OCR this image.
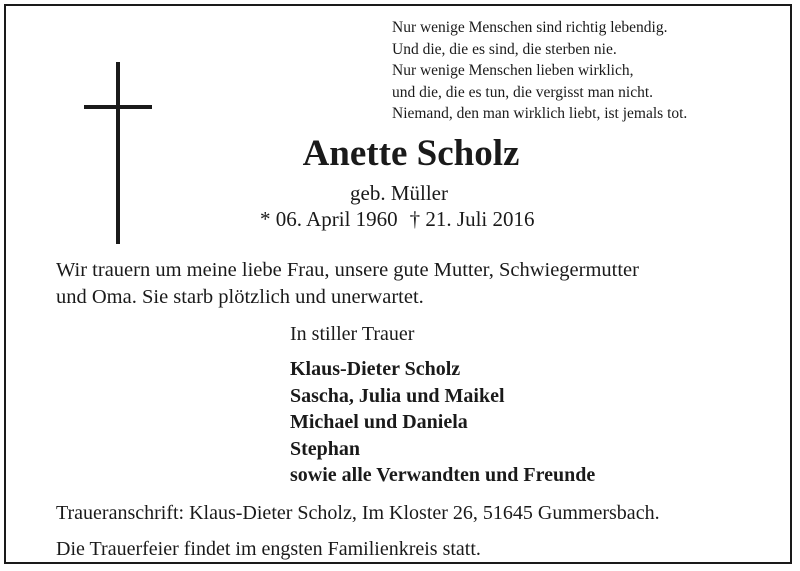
Nur wenige Menschen sind richtig lebendig.
Und die, die es sind, die sterben nie.
Nur wenige Menschen lieben wirklich,
und die, die es tun, die vergisst man nicht.
Niemand, den man wirklich liebt, ist jemals tot.
Anette Scholz
geb. Müller
* 06. April 1960 † 21. Juli 2016
Wir trauern um meine liebe Frau, unsere gute Mutter, Schwiegermutter
und Oma. Sie starb plötzlich und unerwartet.
In stiller Trauer
Klaus-Dieter Scholz
Sascha, Julia und Maikel
Michael und Daniela
Stephan
sowie alle Verwandten und Freunde
Traueranschrift: Klaus-Dieter Scholz, Im Kloster 26, 51645 Gummersbach.
Die Trauerfeier findet im engsten Familienkreis statt.
